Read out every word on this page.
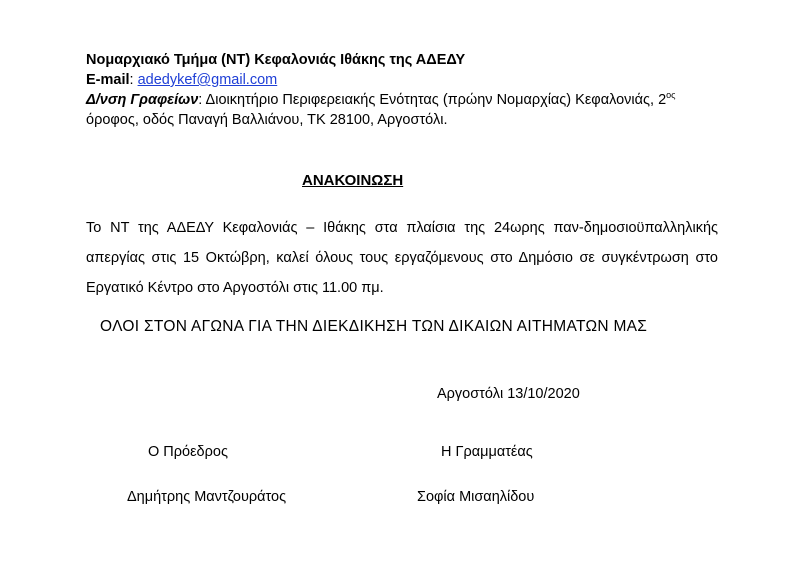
Νομαρχιακό Τμήμα (ΝΤ) Κεφαλονιάς Ιθάκης της ΑΔΕΔΥ
E-mail: adedykef@gmail.com
Δ/νση Γραφείων: Διοικητήριο Περιφερειακής Ενότητας (πρώην Νομαρχίας) Κεφαλονιάς, $2^{o\varsigma}$
όροφος, οδός Παναγή Βαλλιάνου, ΤΚ 28100, Αργοστόλι.
ΑΝΑΚΟΙΝΩΣΗ
Το ΝΤ της ΑΔΕΔΥ Κεφαλονιάς – Ιθάκης στα πλαίσια της 24ωρης παν-δημοσιοϋπαλληλικής
απεργίας στις 15 Οκτώβρη, καλεί όλους τους εργαζόμενους στο Δημόσιο σε συγκέντρωση στο
Εργατικό Κέντρο στο Αργοστόλι στις 11.00 πμ.
ΟΛΟΙ ΣΤΟΝ ΑΓΩΝΑ ΓΙΑ ΤΗΝ ΔΙΕΚΔΙΚΗΣΗ ΤΩΝ ΔΙΚΑΙΩΝ ΑΙΤΗΜΑΤΩΝ ΜΑΣ
Αργοστόλι 13/10/2020
Ο Πρόεδρος	Η Γραμματέας
Δημήτρης Μαντζουράτος	Σοφία Μισαηλίδου
